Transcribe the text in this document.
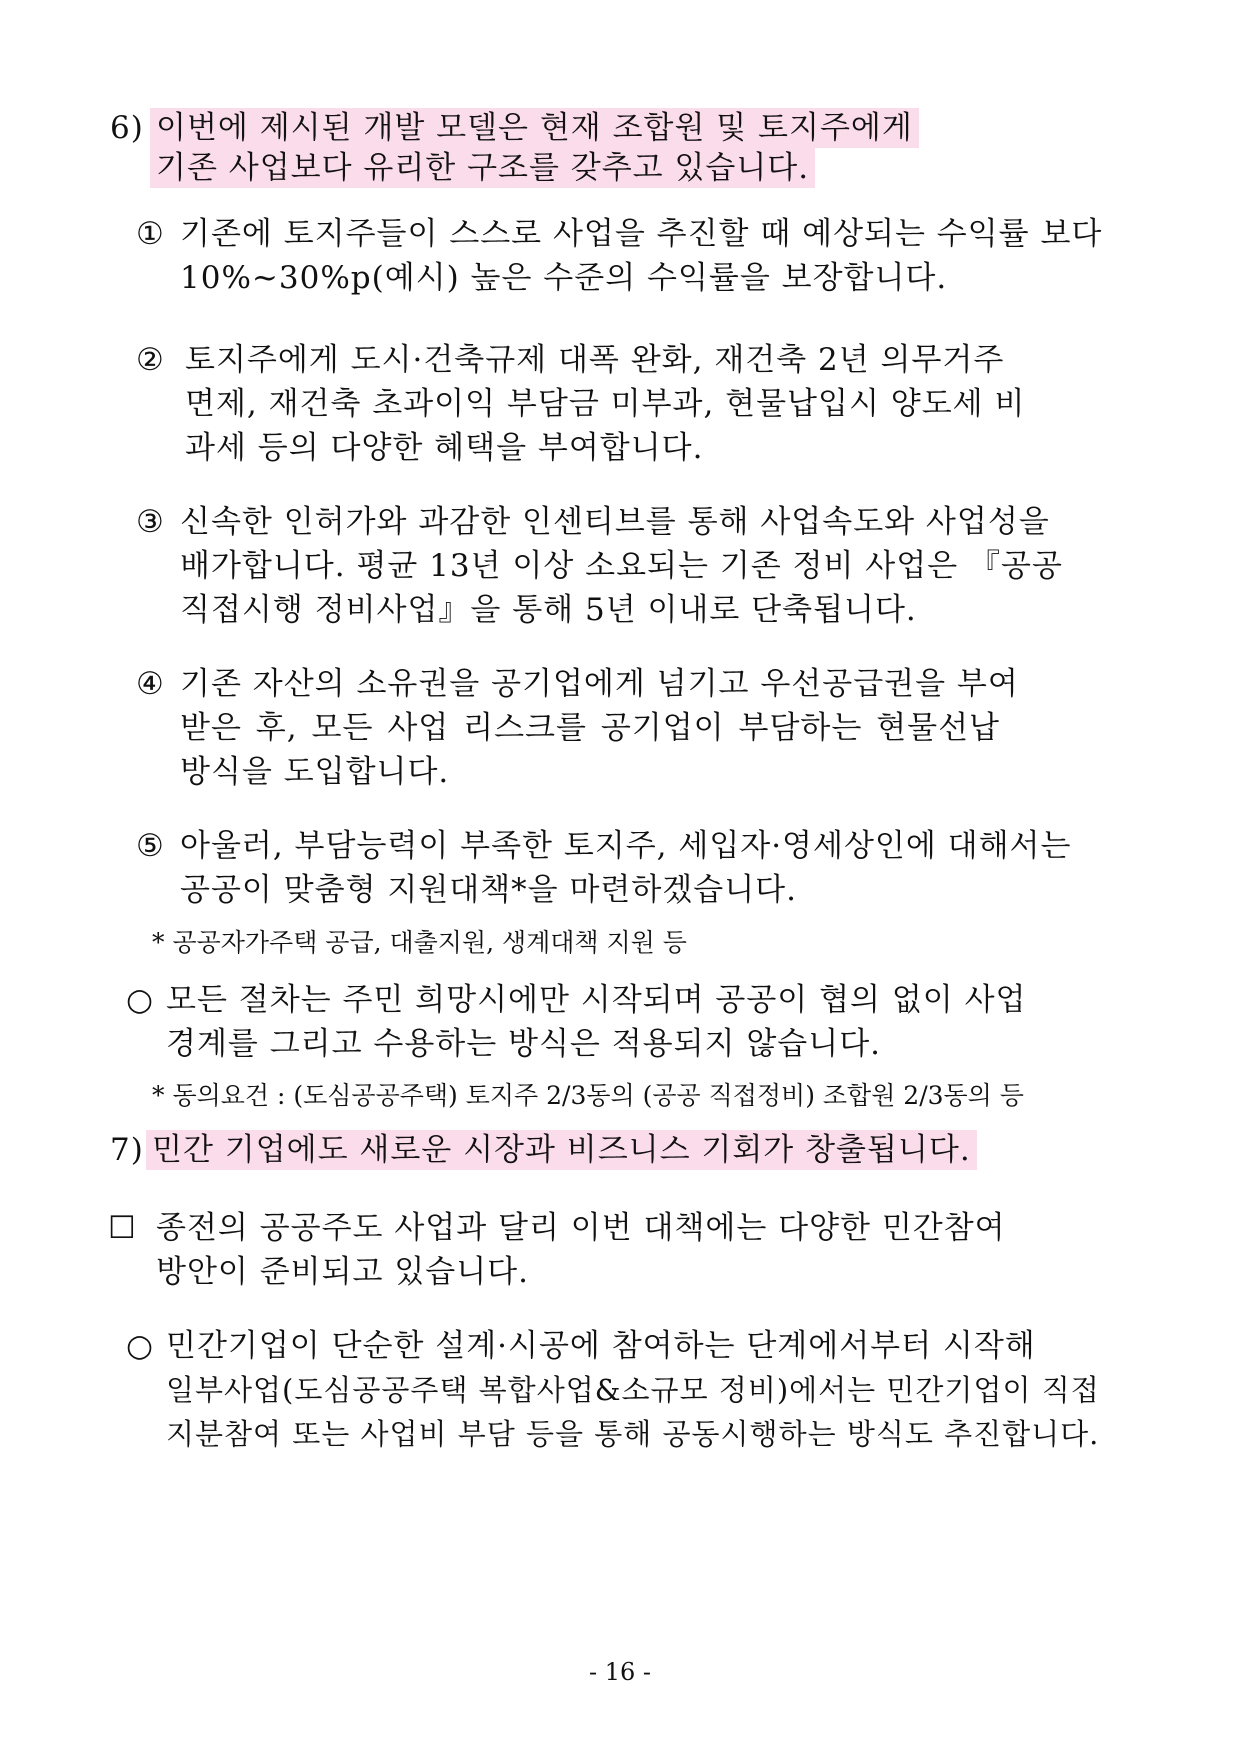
6) 이번에 제시된 개발 모델은 현재 조합원 및 토지주에게
기존 사업보다 유리한 구조를 갖추고 있습니다.
① 기존에 토지주들이 스스로 사업을 추진할 때 예상되는 수익률 보다
10%~30%p(예시) 높은 수준의 수익률을 보장합니다.
② 토지주에게 도시·건축규제 대폭 완화, 재건축 2년 의무거주
면제, 재건축 초과이익 부담금 미부과, 현물납입시 양도세 비
과세 등의 다양한 혜택을 부여합니다.
③ 신속한 인허가와 과감한 인센티브를 통해 사업속도와 사업성을
배가합니다. 평균 13년 이상 소요되는 기존 정비 사업은 『공공
직접시행 정비사업』을 통해 5년 이내로 단축됩니다.
④ 기존 자산의 소유권을 공기업에게 넘기고 우선공급권을 부여
받은 후, 모든 사업 리스크를 공기업이 부담하는 현물선납
방식을 도입합니다.
⑤ 아울러, 부담능력이 부족한 토지주, 세입자·영세상인에 대해서는
공공이 맞춤형 지원대책*을 마련하겠습니다.
* 공공자가주택 공급, 대출지원, 생계대책 지원 등
○ 모든 절차는 주민 희망시에만 시작되며 공공이 협의 없이 사업
경계를 그리고 수용하는 방식은 적용되지 않습니다.
* 동의요건 : (도심공공주택) 토지주 2/3동의 (공공 직접정비) 조합원 2/3동의 등
7) 민간 기업에도 새로운 시장과 비즈니스 기회가 창출됩니다.
☐ 종전의 공공주도 사업과 달리 이번 대책에는 다양한 민간참여
방안이 준비되고 있습니다.
○ 민간기업이 단순한 설계·시공에 참여하는 단계에서부터 시작해
일부사업(도심공공주택 복합사업&소규모 정비)에서는 민간기업이 직접
지분참여 또는 사업비 부담 등을 통해 공동시행하는 방식도 추진합니다.
- 16 -
